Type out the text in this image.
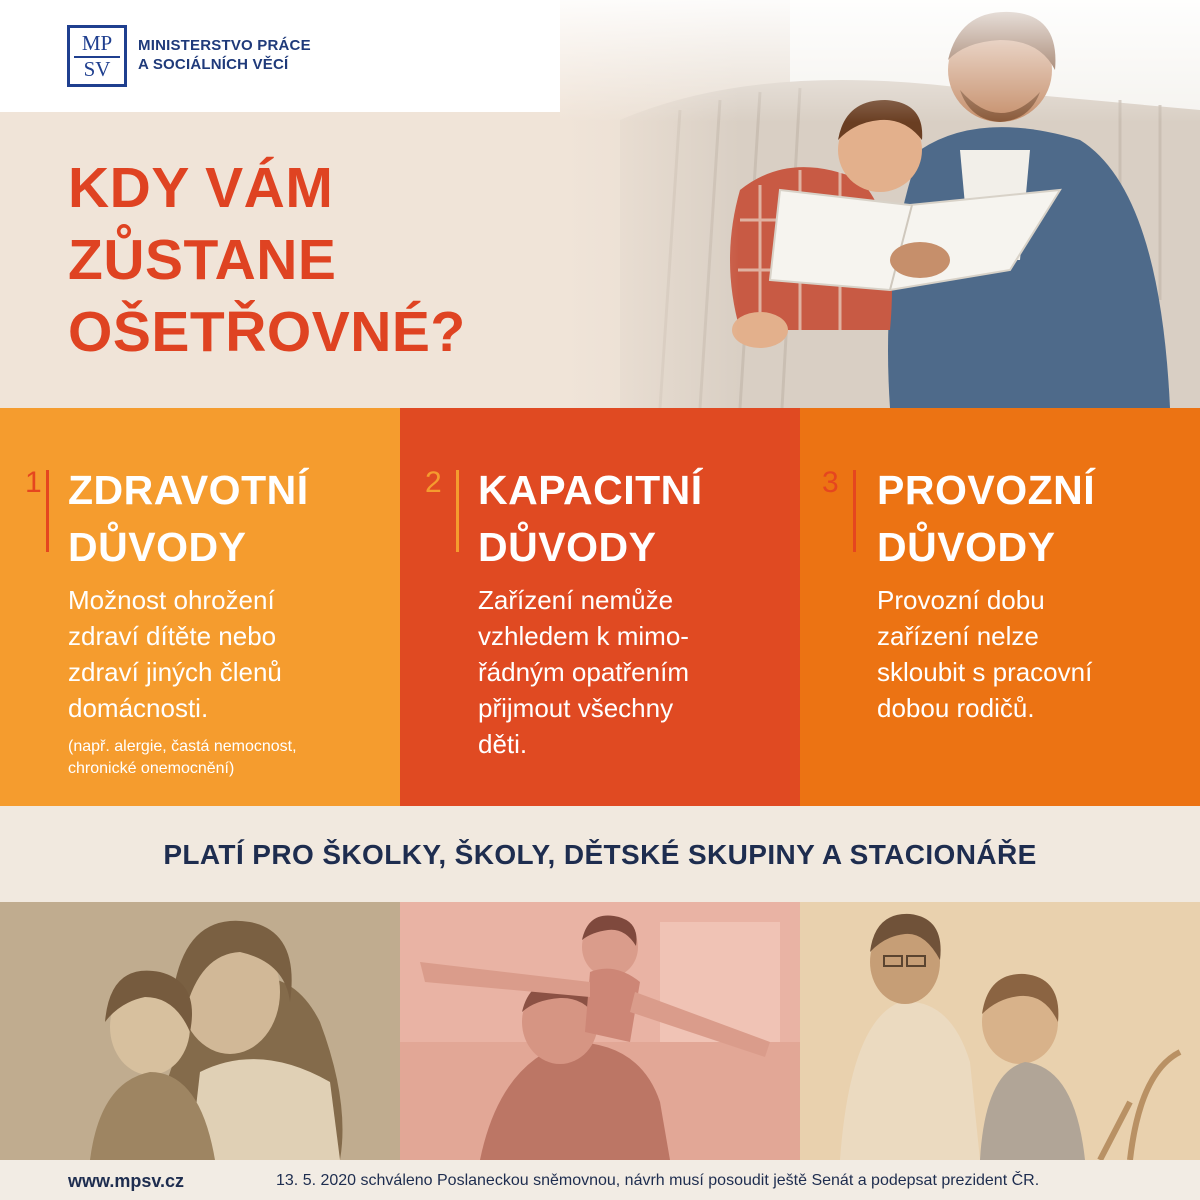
MP
SV
MINISTERSTVO PRÁCE
A SOCIÁLNÍCH VĚCÍ
KDY VÁM
ZŮSTANE
OŠETŘOVNÉ?
1 ZDRAVOTNÍ
DŮVODY
Možnost ohrožení
zdraví dítěte nebo
zdraví jiných členů
domácnosti.
(např. alergie, častá nemocnost,
chronické onemocnění)
2 KAPACITNÍ
DŮVODY
Zařízení nemůže
vzhledem k mimo-
řádným opatřením
přijmout všechny
děti.
3 PROVOZNÍ
DŮVODY
Provozní dobu
zařízení nelze
skloubit s pracovní
dobou rodičů.
PLATÍ PRO ŠKOLKY, ŠKOLY, DĚTSKÉ SKUPINY A STACIONÁŘE
www.mpsv.cz	13. 5. 2020 schváleno Poslaneckou sněmovnou, návrh musí posoudit ještě Senát a podepsat prezident ČR.
